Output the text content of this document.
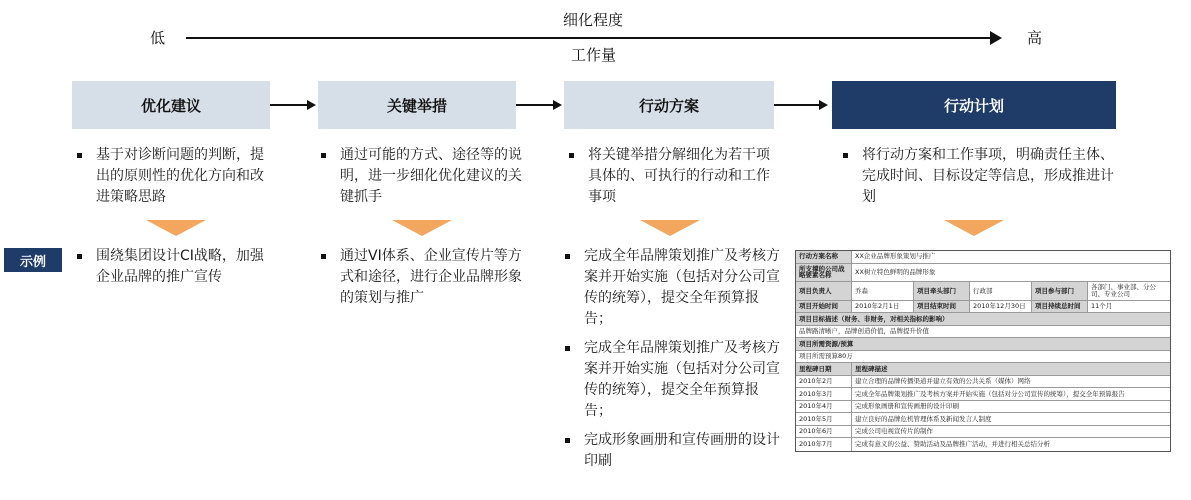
细化程度
低	高
工作量
优化建议	关键举措	行动方案	行动计划
基于对诊断问题的判断，提出的原则性的优化方向和改进策略思路
通过可能的方式、途径等的说明，进一步细化优化建议的关键抓手
将关键举措分解细化为若干项具体的、可执行的行动和工作事项
将行动方案和工作事项，明确责任主体、完成时间、目标设定等信息，形成推进计划
示例	围绕集团设计CI战略，加强企业品牌的推广宣传
通过VI体系、企业宣传片等方式和途径，进行企业品牌形象的策划与推广
完成全年品牌策划推广及考核方案并开始实施（包括对分公司宣传的统筹），提交全年预算报告；
完成全年品牌策划推广及考核方案并开始实施（包括对分公司宣传的统筹），提交全年预算报告；
完成形象画册和宣传画册的设计印刷
行动方案名称	XX企业品牌形象策划与推广
所支撑的公司战略要素名称	XX树立特色鲜明的品牌形象
项目负责人	乔森	项目牵头部门	行政部	项目参与部门	各部门、事业部、分公司、专业公司
项目开始时间	2010年2月1日	项目结束时间	2010年12月30日	项目持续总时间	11个月
项目目标描述（财务、非财务，对相关指标的影响）
品牌路清晰户，品牌创造价值，品牌提升价值
项目所需资源/预算
项目所需预算80万
里程碑日期	里程碑描述
2010年2月	建立合理的品牌传播渠道并建立有效的公共关系（媒体）网络
2010年3月	完成全年品牌策划推广及考核方案并开始实施（包括对分公司宣传的统筹），提交全年预算报告
2010年4月	完成形象画册和宣传画册的设计印刷
2010年5月	建立良好的品牌危机管理体系及新闻发言人制度
2010年6月	完成公司电视宣传片的制作
2010年7月	完成有意义的公益、赞助活动及品牌推广活动，并进行相关总结分析
